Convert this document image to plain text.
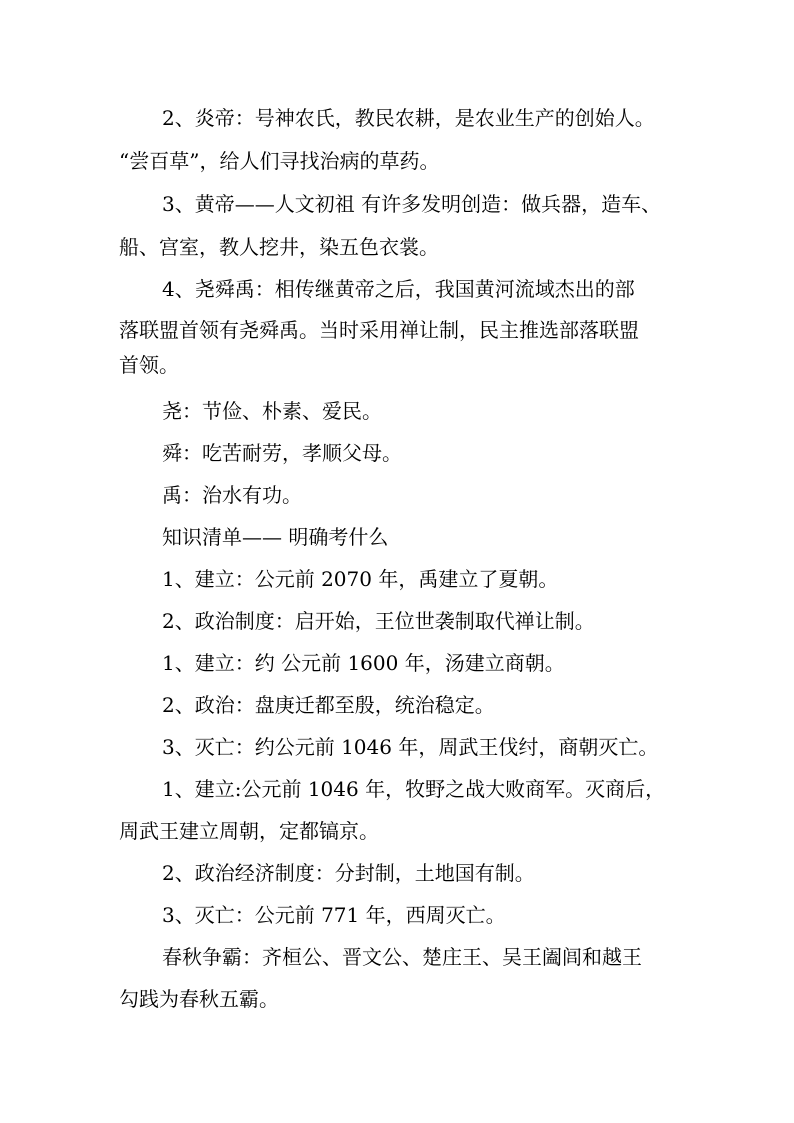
2、炎帝：号神农氏，教民农耕，是农业生产的创始人。
“尝百草”，给人们寻找治病的草药。
3、黄帝——人文初祖 有许多发明创造：做兵器，造车、
船、宫室，教人挖井，染五色衣裳。
4、尧舜禹：相传继黄帝之后，我国黄河流域杰出的部
落联盟首领有尧舜禹。当时采用禅让制，民主推选部落联盟
首领。
尧：节俭、朴素、爱民。
舜：吃苦耐劳，孝顺父母。
禹：治水有功。
知识清单—— 明确考什么
1、建立：公元前 2070 年，禹建立了夏朝。
2、政治制度：启开始，王位世袭制取代禅让制。
1、建立：约 公元前 1600 年，汤建立商朝。
2、政治：盘庚迁都至殷，统治稳定。
3、灭亡：约公元前 1046 年，周武王伐纣，商朝灭亡。
1、建立:公元前 1046 年，牧野之战大败商军。灭商后，
周武王建立周朝，定都镐京。
2、政治经济制度：分封制，土地国有制。
3、灭亡：公元前 771 年，西周灭亡。
春秋争霸：齐桓公、晋文公、楚庄王、吴王阖闾和越王
勾践为春秋五霸。
